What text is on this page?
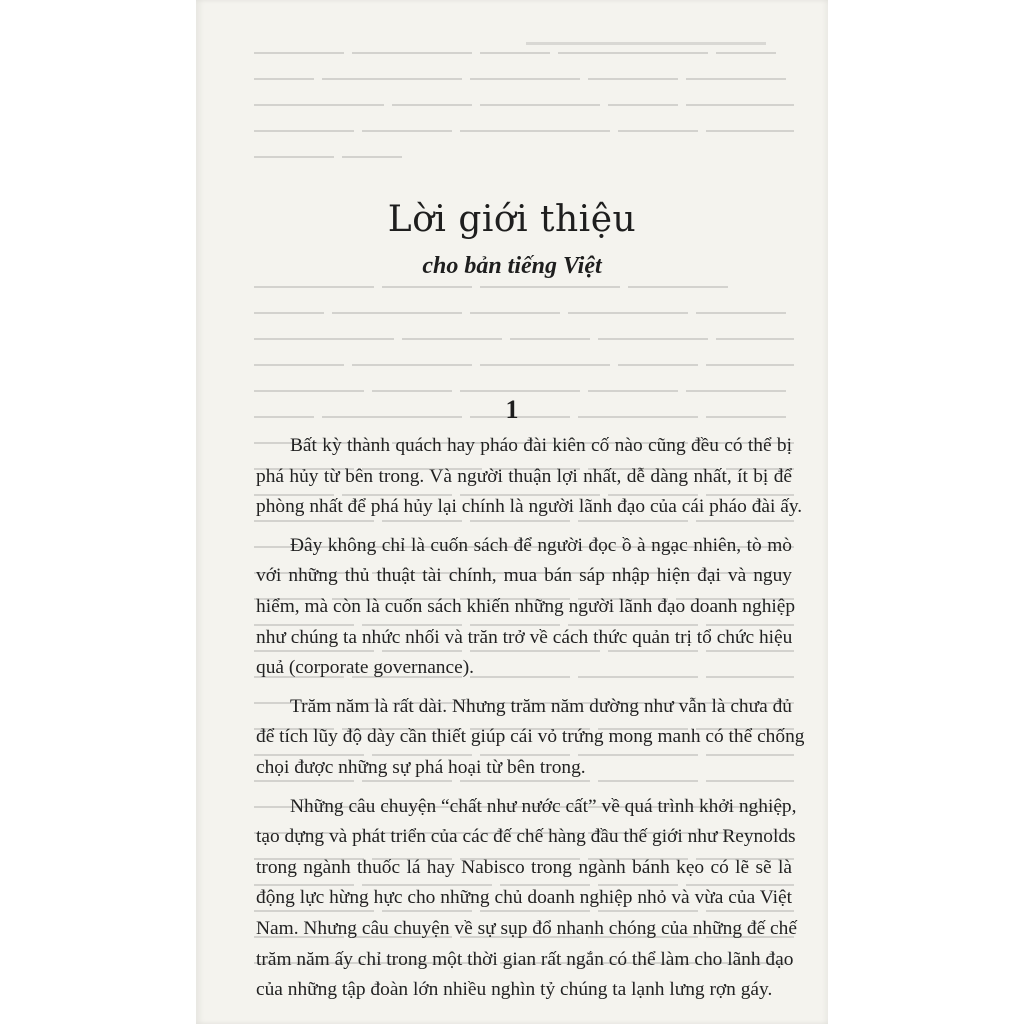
Lời giới thiệu
cho bản tiếng Việt
1
Bất kỳ thành quách hay pháo đài kiên cố nào cũng đều có thể bị
phá hủy từ bên trong. Và người thuận lợi nhất, dễ dàng nhất, ít bị để
phòng nhất để phá hủy lại chính là người lãnh đạo của cái pháo đài ấy.
Đây không chỉ là cuốn sách để người đọc ồ à ngạc nhiên, tò mò
với những thủ thuật tài chính, mua bán sáp nhập hiện đại và nguy
hiểm, mà còn là cuốn sách khiến những người lãnh đạo doanh nghiệp
như chúng ta nhức nhối và trăn trở về cách thức quản trị tổ chức hiệu
quả (corporate governance).
Trăm năm là rất dài. Nhưng trăm năm dường như vẫn là chưa đủ
để tích lũy độ dày cần thiết giúp cái vỏ trứng mong manh có thể chống
chọi được những sự phá hoại từ bên trong.
Những câu chuyện “chất như nước cất” về quá trình khởi nghiệp,
tạo dựng và phát triển của các đế chế hàng đầu thế giới như Reynolds
trong ngành thuốc lá hay Nabisco trong ngành bánh kẹo có lẽ sẽ là
động lực hừng hực cho những chủ doanh nghiệp nhỏ và vừa của Việt
Nam. Nhưng câu chuyện về sự sụp đổ nhanh chóng của những đế chế
trăm năm ấy chỉ trong một thời gian rất ngắn có thể làm cho lãnh đạo
của những tập đoàn lớn nhiều nghìn tỷ chúng ta lạnh lưng rợn gáy.
